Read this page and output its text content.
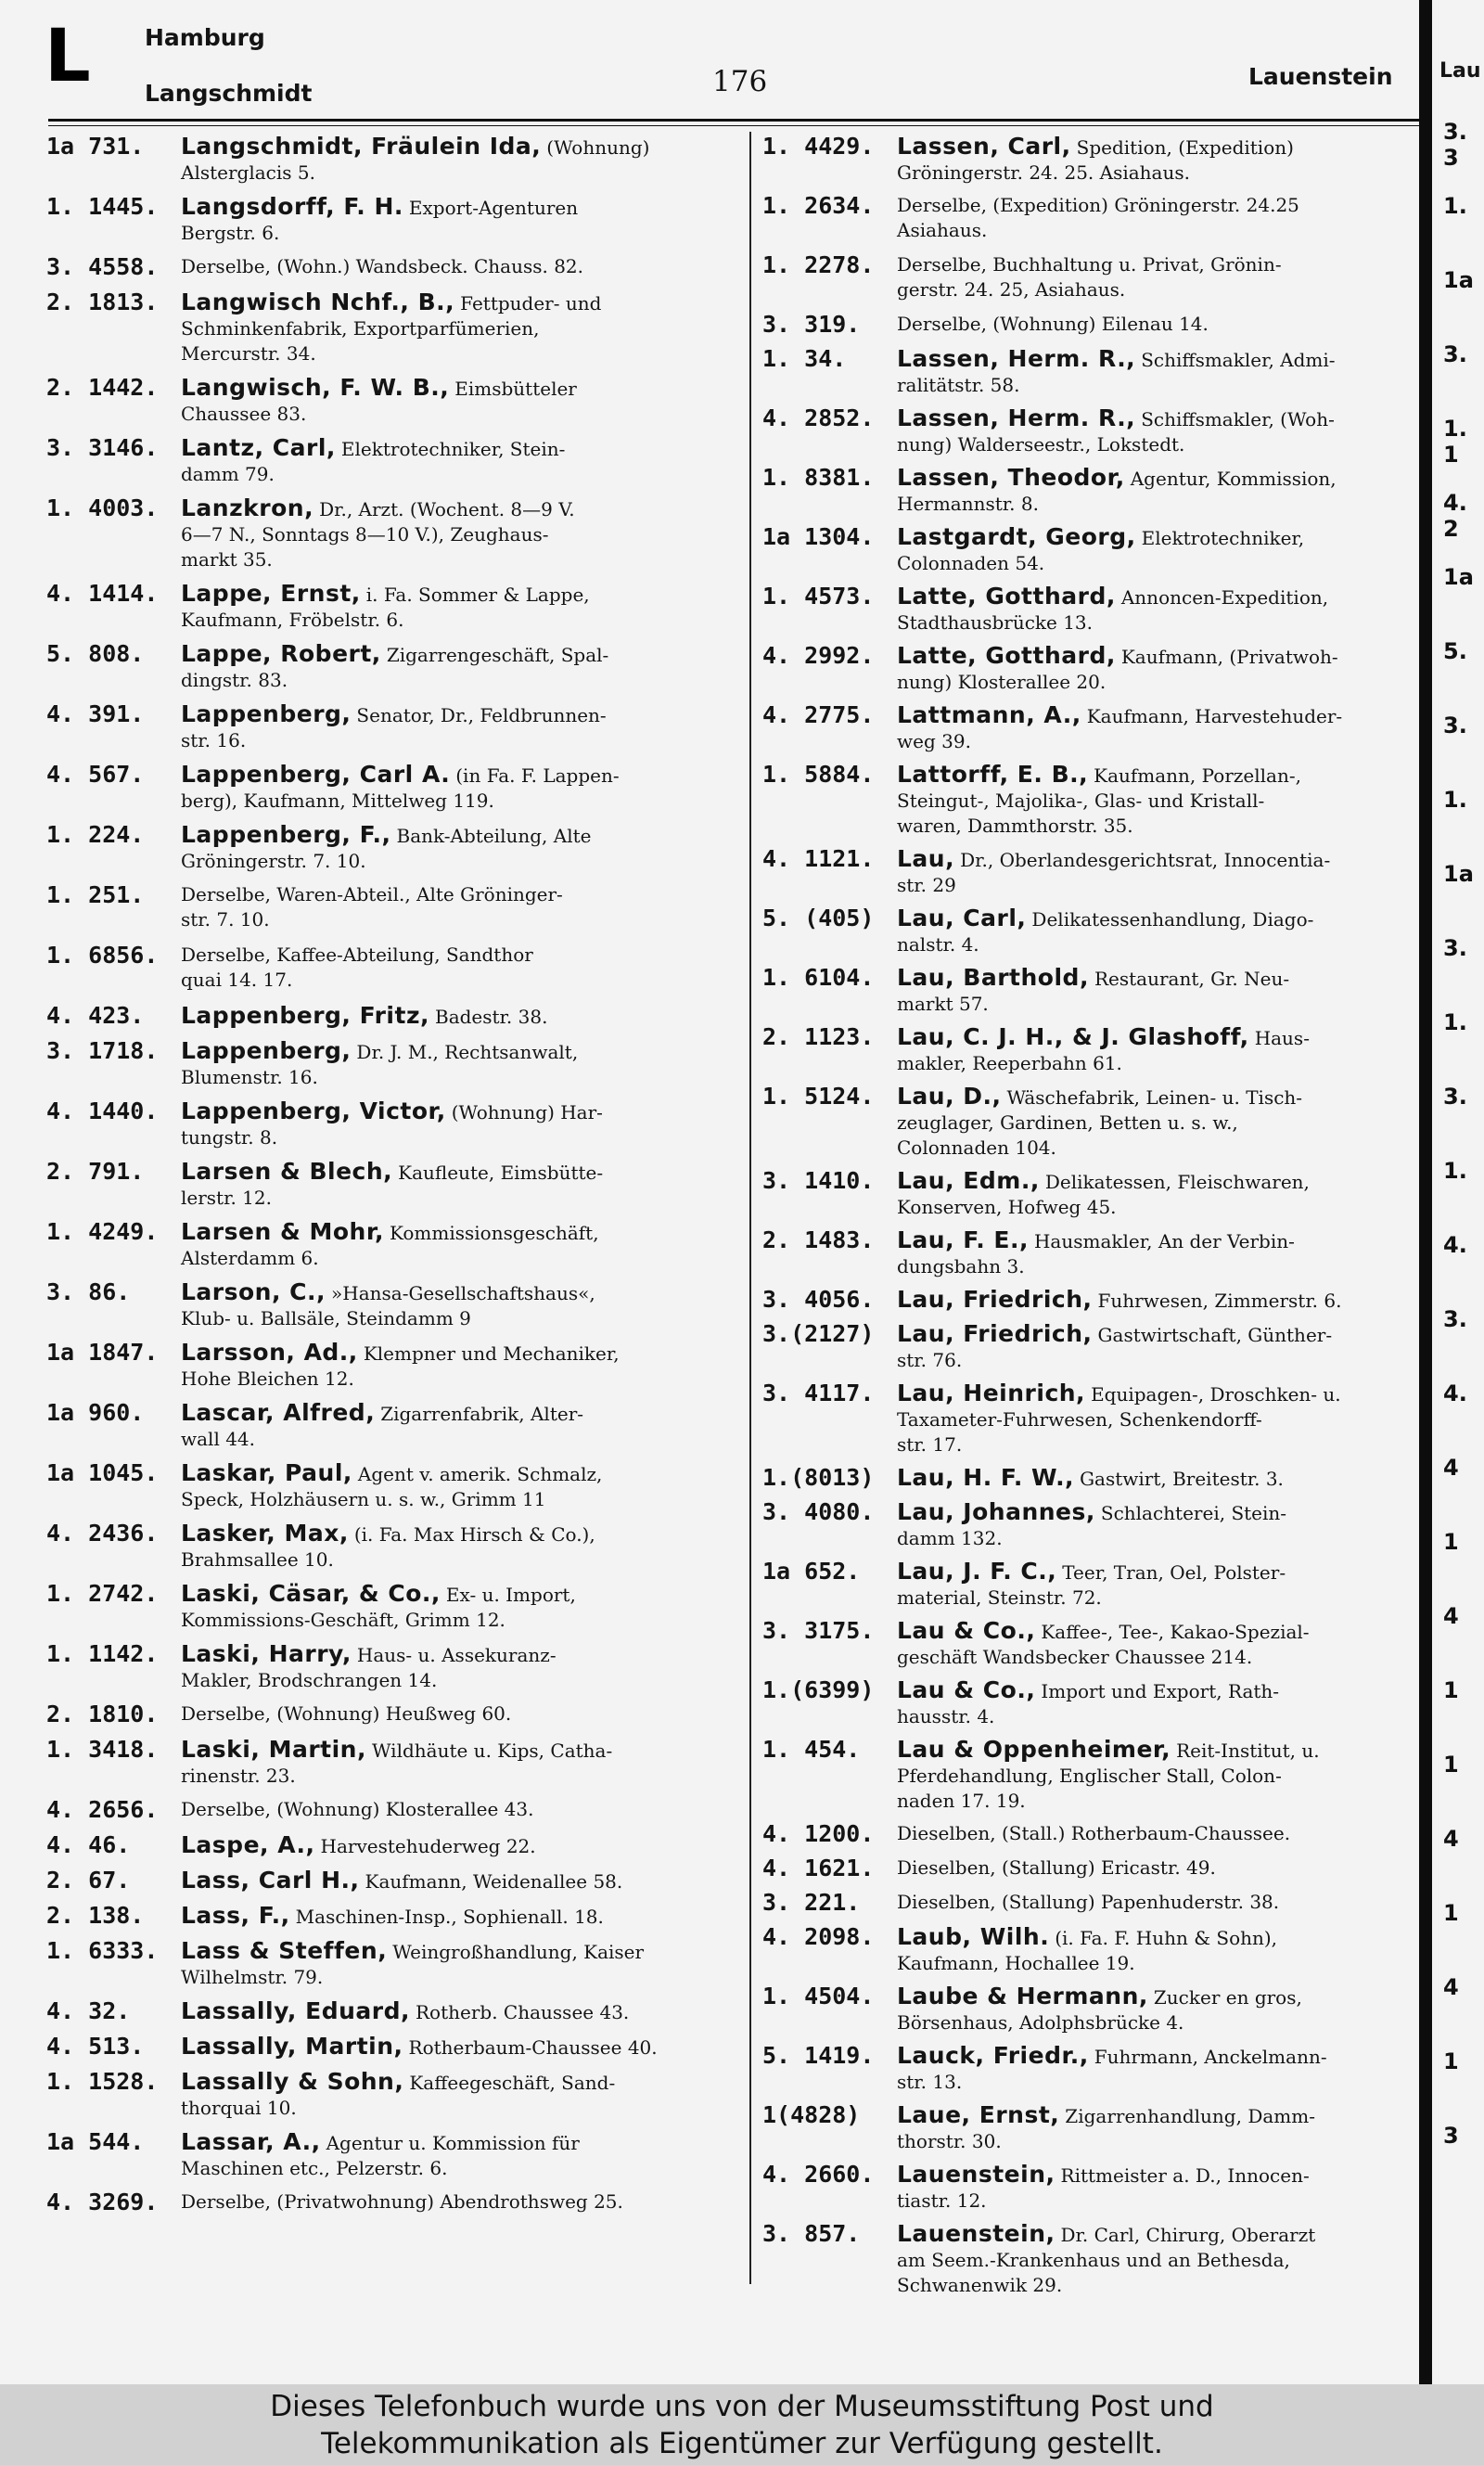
L Hamburg
Langschmidt	176	Lauenstein Lau
1a 731. Langschmidt, Fräulein Ida, (Wohnung)
Alsterglacis 5.
1. 1445. Langsdorff, F. H. Export-Agenturen
Bergstr. 6.
3. 4558. Derselbe, (Wohn.) Wandsbeck. Chauss. 82.
2. 1813. Langwisch Nchf., B., Fettpuder- und
Schminkenfabrik, Exportparfümerien,
Mercurstr. 34.
2. 1442. Langwisch, F. W. B., Eimsbütteler
Chaussee 83.
3. 3146. Lantz, Carl, Elektrotechniker, Stein-
damm 79.
1. 4003. Lanzkron, Dr., Arzt. (Wochent. 8—9 V.
6—7 N., Sonntags 8—10 V.), Zeughaus-
markt 35.
4. 1414. Lappe, Ernst, i. Fa. Sommer & Lappe,
Kaufmann, Fröbelstr. 6.
5. 808. Lappe, Robert, Zigarrengeschäft, Spal-
dingstr. 83.
4. 391. Lappenberg, Senator, Dr., Feldbrunnen-
str. 16.
4. 567. Lappenberg, Carl A. (in Fa. F. Lappen-
berg), Kaufmann, Mittelweg 119.
1. 224. Lappenberg, F., Bank-Abteilung, Alte
Gröningerstr. 7. 10.
1. 251. Derselbe, Waren-Abteil., Alte Gröninger-
str. 7. 10.
1. 6856. Derselbe, Kaffee-Abteilung, Sandthor
quai 14. 17.
4. 423. Lappenberg, Fritz, Badestr. 38.
3. 1718. Lappenberg, Dr. J. M., Rechtsanwalt,
Blumenstr. 16.
4. 1440. Lappenberg, Victor, (Wohnung) Har-
tungstr. 8.
2. 791. Larsen & Blech, Kaufleute, Eimsbütte-
lerstr. 12.
1. 4249. Larsen & Mohr, Kommissionsgeschäft,
Alsterdamm 6.
3. 86. Larson, C., »Hansa-Gesellschaftshaus«,
Klub- u. Ballsäle, Steindamm 9
1a 1847. Larsson, Ad., Klempner und Mechaniker,
Hohe Bleichen 12.
1a 960. Lascar, Alfred, Zigarrenfabrik, Alter-
wall 44.
1a 1045. Laskar, Paul, Agent v. amerik. Schmalz,
Speck, Holzhäusern u. s. w., Grimm 11
4. 2436. Lasker, Max, (i. Fa. Max Hirsch & Co.),
Brahmsallee 10.
1. 2742. Laski, Cäsar, & Co., Ex- u. Import,
Kommissions-Geschäft, Grimm 12.
1. 1142. Laski, Harry, Haus- u. Assekuranz-
Makler, Brodschrangen 14.
2. 1810. Derselbe, (Wohnung) Heußweg 60.
1. 3418. Laski, Martin, Wildhäute u. Kips, Catha-
rinenstr. 23.
4. 2656. Derselbe, (Wohnung) Klosterallee 43.
4. 46. Laspe, A., Harvestehuderweg 22.
2. 67. Lass, Carl H., Kaufmann, Weidenallee 58.
2. 138. Lass, F., Maschinen-Insp., Sophienall. 18.
1. 6333. Lass & Steffen, Weingroßhandlung, Kaiser
Wilhelmstr. 79.
4. 32. Lassally, Eduard, Rotherb. Chaussee 43.
4. 513. Lassally, Martin, Rotherbaum-Chaussee 40.
1. 1528. Lassally & Sohn, Kaffeegeschäft, Sand-
thorquai 10.
1a 544. Lassar, A., Agentur u. Kommission für
Maschinen etc., Pelzerstr. 6.
4. 3269. Derselbe, (Privatwohnung) Abendrothsweg 25.
1. 4429. Lassen, Carl, Spedition, (Expedition)
Gröningerstr. 24. 25. Asiahaus.
1. 2634. Derselbe, (Expedition) Gröningerstr. 24.25
Asiahaus.
1. 2278. Derselbe, Buchhaltung u. Privat, Grönin-
gerstr. 24. 25, Asiahaus.
3. 319. Derselbe, (Wohnung) Eilenau 14.
1. 34. Lassen, Herm. R., Schiffsmakler, Admi-
ralitätstr. 58.
4. 2852. Lassen, Herm. R., Schiffsmakler, (Woh-
nung) Walderseestr., Lokstedt.
1. 8381. Lassen, Theodor, Agentur, Kommission,
Hermannstr. 8.
1a 1304. Lastgardt, Georg, Elektrotechniker,
Colonnaden 54.
1. 4573. Latte, Gotthard, Annoncen-Expedition,
Stadthausbrücke 13.
4. 2992. Latte, Gotthard, Kaufmann, (Privatwoh-
nung) Klosterallee 20.
4. 2775. Lattmann, A., Kaufmann, Harvestehuder-
weg 39.
1. 5884. Lattorff, E. B., Kaufmann, Porzellan-,
Steingut-, Majolika-, Glas- und Kristall-
waren, Dammthorstr. 35.
4. 1121. Lau, Dr., Oberlandesgerichtsrat, Innocentia-
str. 29
5. (405) Lau, Carl, Delikatessenhandlung, Diago-
nalstr. 4.
1. 6104. Lau, Barthold, Restaurant, Gr. Neu-
markt 57.
2. 1123. Lau, C. J. H., & J. Glashoff, Haus-
makler, Reeperbahn 61.
1. 5124. Lau, D., Wäschefabrik, Leinen- u. Tisch-
zeuglager, Gardinen, Betten u. s. w.,
Colonnaden 104.
3. 1410. Lau, Edm., Delikatessen, Fleischwaren,
Konserven, Hofweg 45.
2. 1483. Lau, F. E., Hausmakler, An der Verbin-
dungsbahn 3.
3. 4056. Lau, Friedrich, Fuhrwesen, Zimmerstr. 6.
3.(2127) Lau, Friedrich, Gastwirtschaft, Günther-
str. 76.
3. 4117. Lau, Heinrich, Equipagen-, Droschken- u.
Taxameter-Fuhrwesen, Schenkendorff-
str. 17.
1.(8013) Lau, H. F. W., Gastwirt, Breitestr. 3.
3. 4080. Lau, Johannes, Schlachterei, Stein-
damm 132.
1a 652. Lau, J. F. C., Teer, Tran, Oel, Polster-
material, Steinstr. 72.
3. 3175. Lau & Co., Kaffee-, Tee-, Kakao-Spezial-
geschäft Wandsbecker Chaussee 214.
1.(6399) Lau & Co., Import und Export, Rath-
hausstr. 4.
1. 454. Lau & Oppenheimer, Reit-Institut, u.
Pferdehandlung, Englischer Stall, Colon-
naden 17. 19.
4. 1200. Dieselben, (Stall.) Rotherbaum-Chaussee.
4. 1621. Dieselben, (Stallung) Ericastr. 49.
3. 221. Dieselben, (Stallung) Papenhuderstr. 38.
4. 2098. Laub, Wilh. (i. Fa. F. Huhn & Sohn),
Kaufmann, Hochallee 19.
1. 4504. Laube & Hermann, Zucker en gros,
Börsenhaus, Adolphsbrücke 4.
5. 1419. Lauck, Friedr., Fuhrmann, Anckelmann-
str. 13.
1(4828) Laue, Ernst, Zigarrenhandlung, Damm-
thorstr. 30.
4. 2660. Lauenstein, Rittmeister a. D., Innocen-
tiastr. 12.
3. 857. Lauenstein, Dr. Carl, Chirurg, Oberarzt
am Seem.-Krankenhaus und an Bethesda,
Schwanenwik 29.
3. 3
1.
1a
3.
1. 1
4. 2
1a
5.
3.
1.
1a
3.
1.
3.
1.
4.
3.
4.
4
1
4
1
1
4
1
4
1
3
Dieses Telefonbuch wurde uns von der Museumsstiftung Post und
Telekommunikation als Eigentümer zur Verfügung gestellt.
